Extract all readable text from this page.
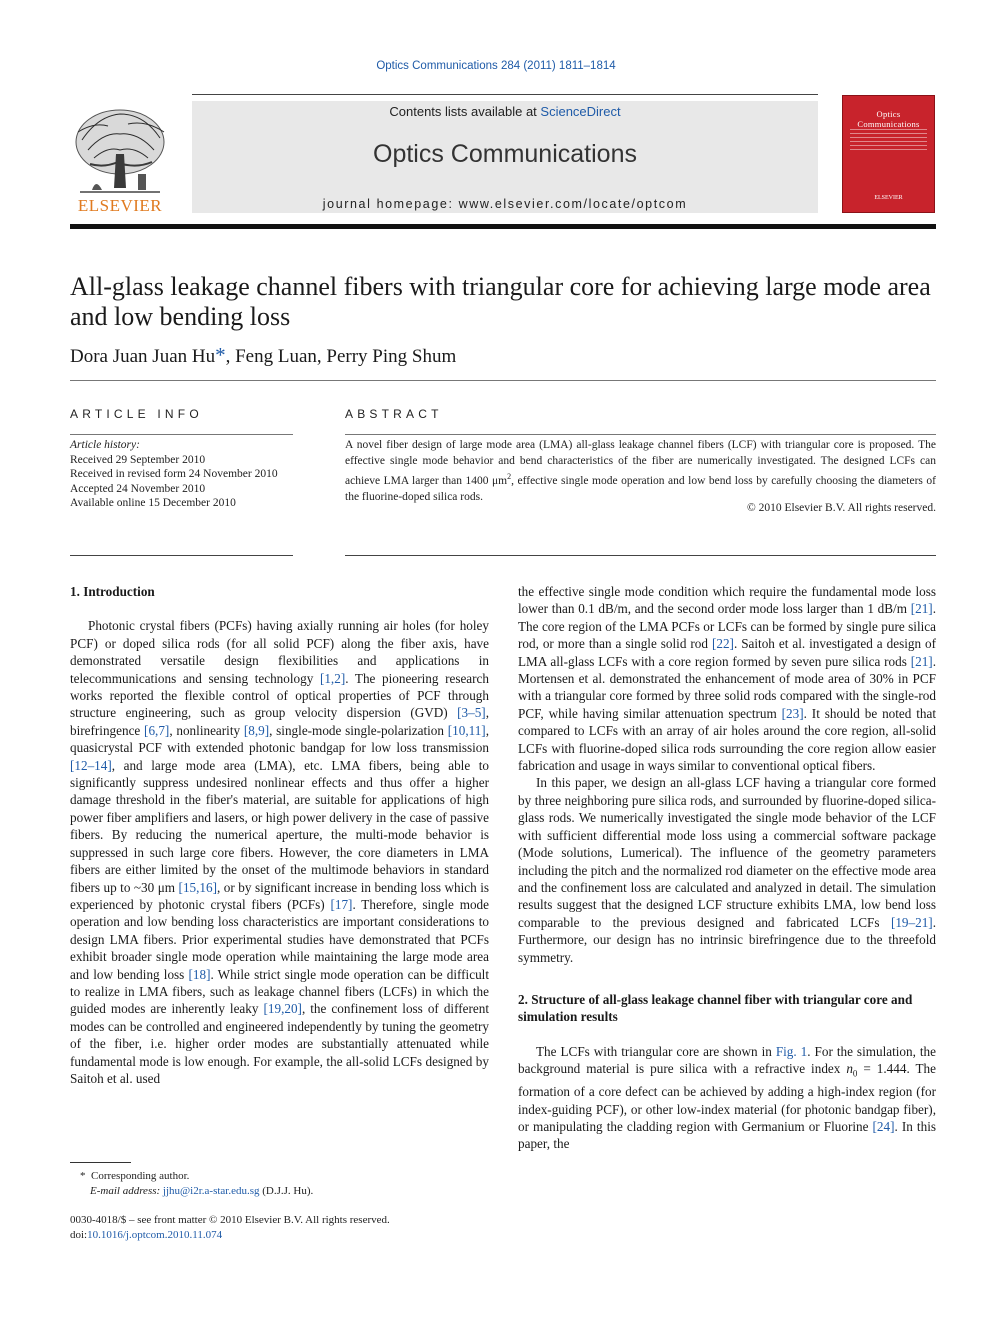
Optics Communications 284 (2011) 1811–1814
Contents lists available at ScienceDirect
Optics Communications
journal homepage: www.elsevier.com/locate/optcom
ELSEVIER
Optics
Communications
ELSEVIER
All-glass leakage channel fibers with triangular core for achieving large mode area and low bending loss
Dora Juan Juan Hu*, Feng Luan, Perry Ping Shum
ARTICLE INFO	ABSTRACT
Article history:
Received 29 September 2010
Received in revised form 24 November 2010
Accepted 24 November 2010
Available online 15 December 2010
A novel fiber design of large mode area (LMA) all-glass leakage channel fibers (LCF) with triangular core is proposed. The effective single mode behavior and bend characteristics of the fiber are numerically investigated. The designed LCFs can achieve LMA larger than 1400 $\mu m^2$, effective single mode operation and low bend loss by carefully choosing the diameters of the fluorine-doped silica rods.
© 2010 Elsevier B.V. All rights reserved.

1. Introduction

Photonic crystal fibers (PCFs) having axially running air holes (for holey PCF) or doped silica rods (for all solid PCF) along the fiber axis, have demonstrated versatile design flexibilities and applications in telecommunications and sensing technology [1,2]. The pioneering research works reported the flexible control of optical properties of PCF through structure engineering, such as group velocity dispersion (GVD) [3–5], birefringence [6,7], nonlinearity [8,9], single-mode single-polarization [10,11], quasicrystal PCF with extended photonic bandgap for low loss transmission [12–14], and large mode area (LMA), etc. LMA fibers, being able to significantly suppress undesired nonlinear effects and thus offer a higher damage threshold in the fiber's material, are suitable for applications of high power fiber amplifiers and lasers, or high power delivery in the case of passive fibers. By reducing the numerical aperture, the multi-mode behavior is suppressed in such large core fibers. However, the core diameters in LMA fibers are either limited by the onset of the multimode behaviors in standard fibers up to ~30 μm [15,16], or by significant increase in bending loss which is experienced by photonic crystal fibers (PCFs) [17]. Therefore, single mode operation and low bending loss characteristics are important considerations to design LMA fibers. Prior experimental studies have demonstrated that PCFs exhibit broader single mode operation while maintaining the large mode area and low bending loss [18]. While strict single mode operation can be difficult to realize in LMA fibers, such as leakage channel fibers (LCFs) in which the guided modes are inherently leaky [19,20], the confinement loss of different modes can be controlled and engineered independently by tuning the geometry of the fiber, i.e. higher order modes are substantially attenuated while fundamental mode is low enough. For example, the all-solid LCFs designed by Saitoh et al. used

the effective single mode condition which require the fundamental mode loss lower than 0.1 dB/m, and the second order mode loss larger than 1 dB/m [21]. The core region of the LMA PCFs or LCFs can be formed by single pure silica rod, or more than a single solid rod [22]. Saitoh et al. investigated a design of LMA all-glass LCFs with a core region formed by seven pure silica rods [21]. Mortensen et al. demonstrated the enhancement of mode area of 30% in PCF with a triangular core formed by three solid rods compared with the single-rod PCF, while having similar attenuation spectrum [23]. It should be noted that compared to LCFs with an array of air holes around the core region, all-solid LCFs with fluorine-doped silica rods surrounding the core region allow easier fabrication and usage in ways similar to conventional optical fibers.

In this paper, we design an all-glass LCF having a triangular core formed by three neighboring pure silica rods, and surrounded by fluorine-doped silica-glass rods. We numerically investigated the single mode behavior of the LCF with sufficient differential mode loss using a commercial software package (Mode solutions, Lumerical). The influence of the geometry parameters including the pitch and the normalized rod diameter on the effective mode area and the confinement loss are calculated and analyzed in detail. The simulation results suggest that the designed LCF structure exhibits LMA, low bend loss comparable to the previous designed and fabricated LCFs [19–21]. Furthermore, our design has no intrinsic birefringence due to the threefold symmetry.

2. Structure of all-glass leakage channel fiber with triangular core and simulation results

The LCFs with triangular core are shown in Fig. 1. For the simulation, the background material is pure silica with a refractive index $n_0 = 1.444$. The formation of a core defect can be achieved by adding a high-index region (for index-guiding PCF), or other low-index material (for photonic bandgap fiber), or manipulating the cladding region with Germanium or Fluorine [24]. In this paper, the

* Corresponding author.
E-mail address: jjhu@i2r.a-star.edu.sg (D.J.J. Hu).
0030-4018/$ – see front matter © 2010 Elsevier B.V. All rights reserved.
doi:10.1016/j.optcom.2010.11.074
